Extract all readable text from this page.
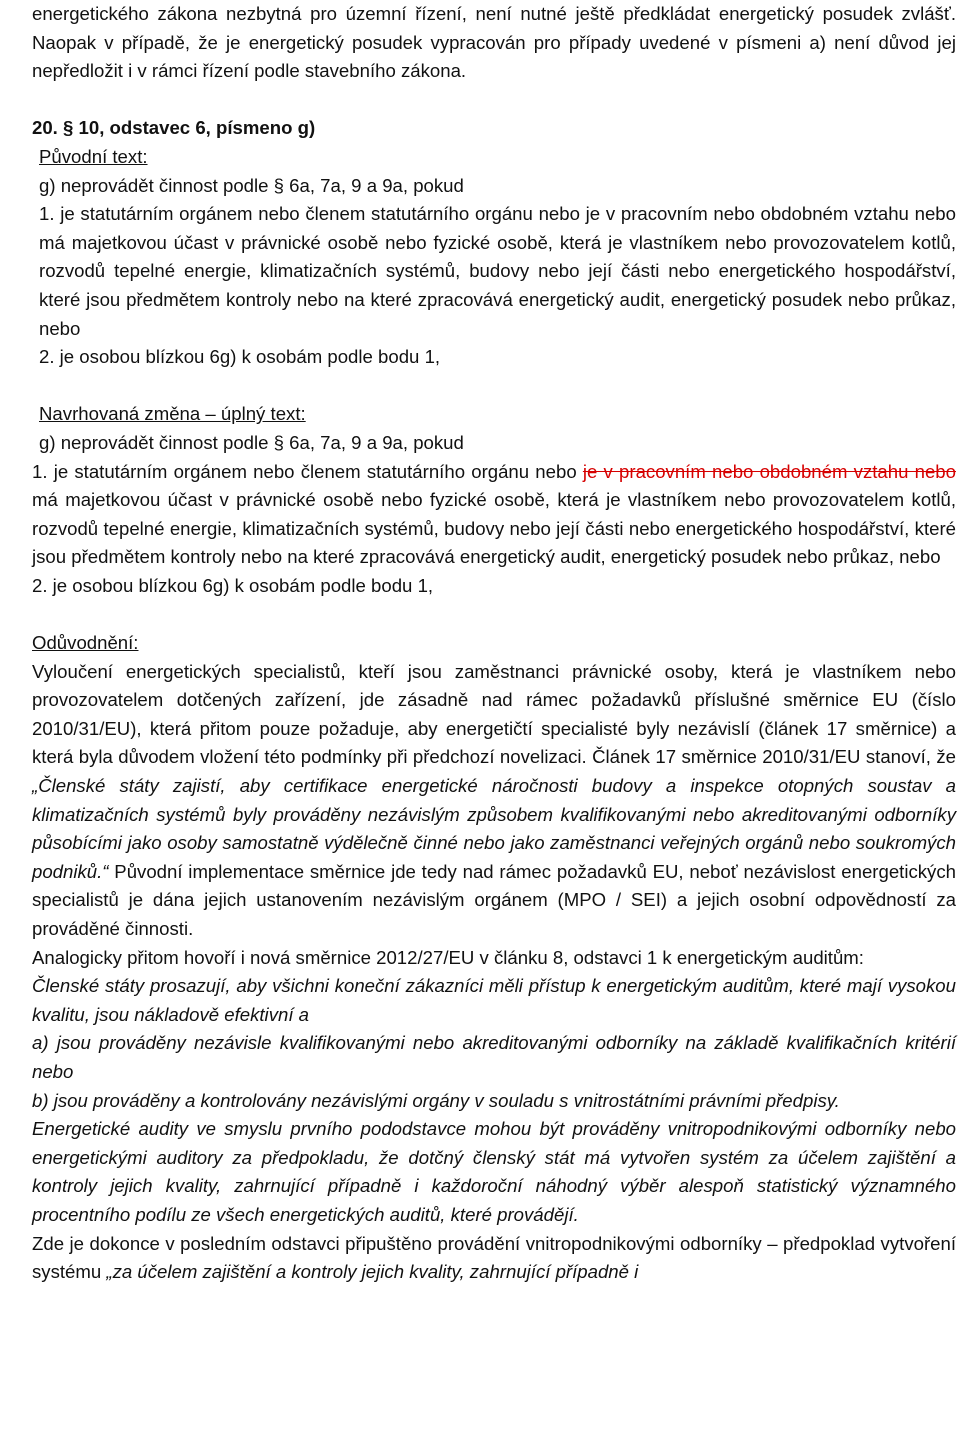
energetického zákona nezbytná pro územní řízení, není nutné ještě předkládat energetický posudek zvlášť. Naopak v případě, že je energetický posudek vypracován pro případy uvedené v písmeni a) není důvod jej nepředložit i v rámci řízení podle stavebního zákona.

20. § 10, odstavec 6, písmeno g)

Původní text:

g) neprovádět činnost podle § 6a, 7a, 9 a 9a, pokud

1. je statutárním orgánem nebo členem statutárního orgánu nebo je v pracovním nebo obdobném vztahu nebo má majetkovou účast v právnické osobě nebo fyzické osobě, která je vlastníkem nebo provozovatelem kotlů, rozvodů tepelné energie, klimatizačních systémů, budovy nebo její části nebo energetického hospodářství, které jsou předmětem kontroly nebo na které zpracovává energetický audit, energetický posudek nebo průkaz, nebo

2. je osobou blízkou 6g) k osobám podle bodu 1,

Navrhovaná změna – úplný text:

g) neprovádět činnost podle § 6a, 7a, 9 a 9a, pokud

1. je statutárním orgánem nebo členem statutárního orgánu nebo je v pracovním nebo obdobném vztahu nebo má majetkovou účast v právnické osobě nebo fyzické osobě, která je vlastníkem nebo provozovatelem kotlů, rozvodů tepelné energie, klimatizačních systémů, budovy nebo její části nebo energetického hospodářství, které jsou předmětem kontroly nebo na které zpracovává energetický audit, energetický posudek nebo průkaz, nebo

2. je osobou blízkou 6g) k osobám podle bodu 1,

Odůvodnění:

Vyloučení energetických specialistů, kteří jsou zaměstnanci právnické osoby, která je vlastníkem nebo provozovatelem dotčených zařízení, jde zásadně nad rámec požadavků příslušné směrnice EU (číslo 2010/31/EU), která přitom pouze požaduje, aby energetičtí specialisté byly nezávislí (článek 17 směrnice) a která byla důvodem vložení této podmínky při předchozí novelizaci. Článek 17 směrnice 2010/31/EU stanoví, že „Členské státy zajistí, aby certifikace energetické náročnosti budovy a inspekce otopných soustav a klimatizačních systémů byly prováděny nezávislým způsobem kvalifikovanými nebo akreditovanými odborníky působícími jako osoby samostatně výdělečně činné nebo jako zaměstnanci veřejných orgánů nebo soukromých podniků.“ Původní implementace směrnice jde tedy nad rámec požadavků EU, neboť nezávislost energetických specialistů je dána jejich ustanovením nezávislým orgánem (MPO / SEI) a jejich osobní odpovědností za prováděné činnosti.

Analogicky přitom hovoří i nová směrnice 2012/27/EU v článku 8, odstavci 1 k energetickým auditům:

Členské státy prosazují, aby všichni koneční zákazníci měli přístup k energetickým auditům, které mají vysokou kvalitu, jsou nákladově efektivní a

a) jsou prováděny nezávisle kvalifikovanými nebo akreditovanými odborníky na základě kvalifikačních kritérií nebo

b) jsou prováděny a kontrolovány nezávislými orgány v souladu s vnitrostátními právními předpisy.

Energetické audity ve smyslu prvního pododstavce mohou být prováděny vnitropodnikovými odborníky nebo energetickými auditory za předpokladu, že dotčný členský stát má vytvořen systém za účelem zajištění a kontroly jejich kvality, zahrnující případně i každoroční náhodný výběr alespoň statistický významného procentního podílu ze všech energetických auditů, které provádějí.

Zde je dokonce v posledním odstavci připuštěno provádění vnitropodnikovými odborníky – předpoklad vytvoření systému „za účelem zajištění a kontroly jejich kvality, zahrnující případně i
